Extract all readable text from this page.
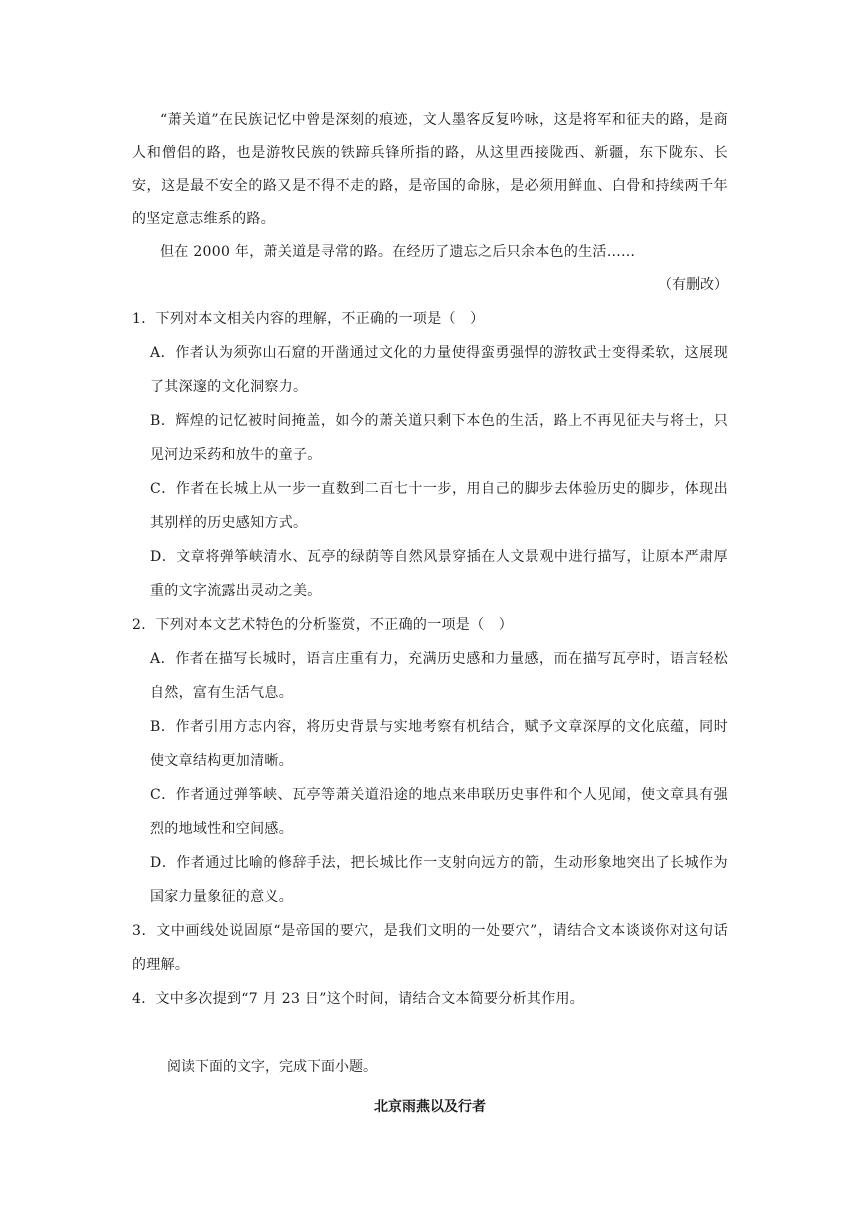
“萧关道”在民族记忆中曾是深刻的痕迹，文人墨客反复吟咏，这是将军和征夫的路，是商人和僧侣的路，也是游牧民族的铁蹄兵锋所指的路，从这里西接陇西、新疆，东下陇东、长安，这是最不安全的路又是不得不走的路，是帝国的命脉，是必须用鲜血、白骨和持续两千年的坚定意志维系的路。

但在 2000 年，萧关道是寻常的路。在经历了遗忘之后只余本色的生活……

（有删改）

1．下列对本文相关内容的理解，不正确的一项是（　）

A．作者认为须弥山石窟的开凿通过文化的力量使得蛮勇强悍的游牧武士变得柔软，这展现了其深邃的文化洞察力。

B．辉煌的记忆被时间掩盖，如今的萧关道只剩下本色的生活，路上不再见征夫与将士，只见河边采药和放牛的童子。

C．作者在长城上从一步一直数到二百七十一步，用自己的脚步去体验历史的脚步，体现出其别样的历史感知方式。

D．文章将弹筝峡清水、瓦亭的绿荫等自然风景穿插在人文景观中进行描写，让原本严肃厚重的文字流露出灵动之美。

2．下列对本文艺术特色的分析鉴赏，不正确的一项是（　）

A．作者在描写长城时，语言庄重有力，充满历史感和力量感，而在描写瓦亭时，语言轻松自然，富有生活气息。

B．作者引用方志内容，将历史背景与实地考察有机结合，赋予文章深厚的文化底蕴，同时使文章结构更加清晰。

C．作者通过弹筝峡、瓦亭等萧关道沿途的地点来串联历史事件和个人见闻，使文章具有强烈的地域性和空间感。

D．作者通过比喻的修辞手法，把长城比作一支射向远方的箭，生动形象地突出了长城作为国家力量象征的意义。

3．文中画线处说固原“是帝国的要穴，是我们文明的一处要穴”，请结合文本谈谈你对这句话的理解。

4．文中多次提到“7 月 23 日”这个时间，请结合文本简要分析其作用。

阅读下面的文字，完成下面小题。

北京雨燕以及行者
